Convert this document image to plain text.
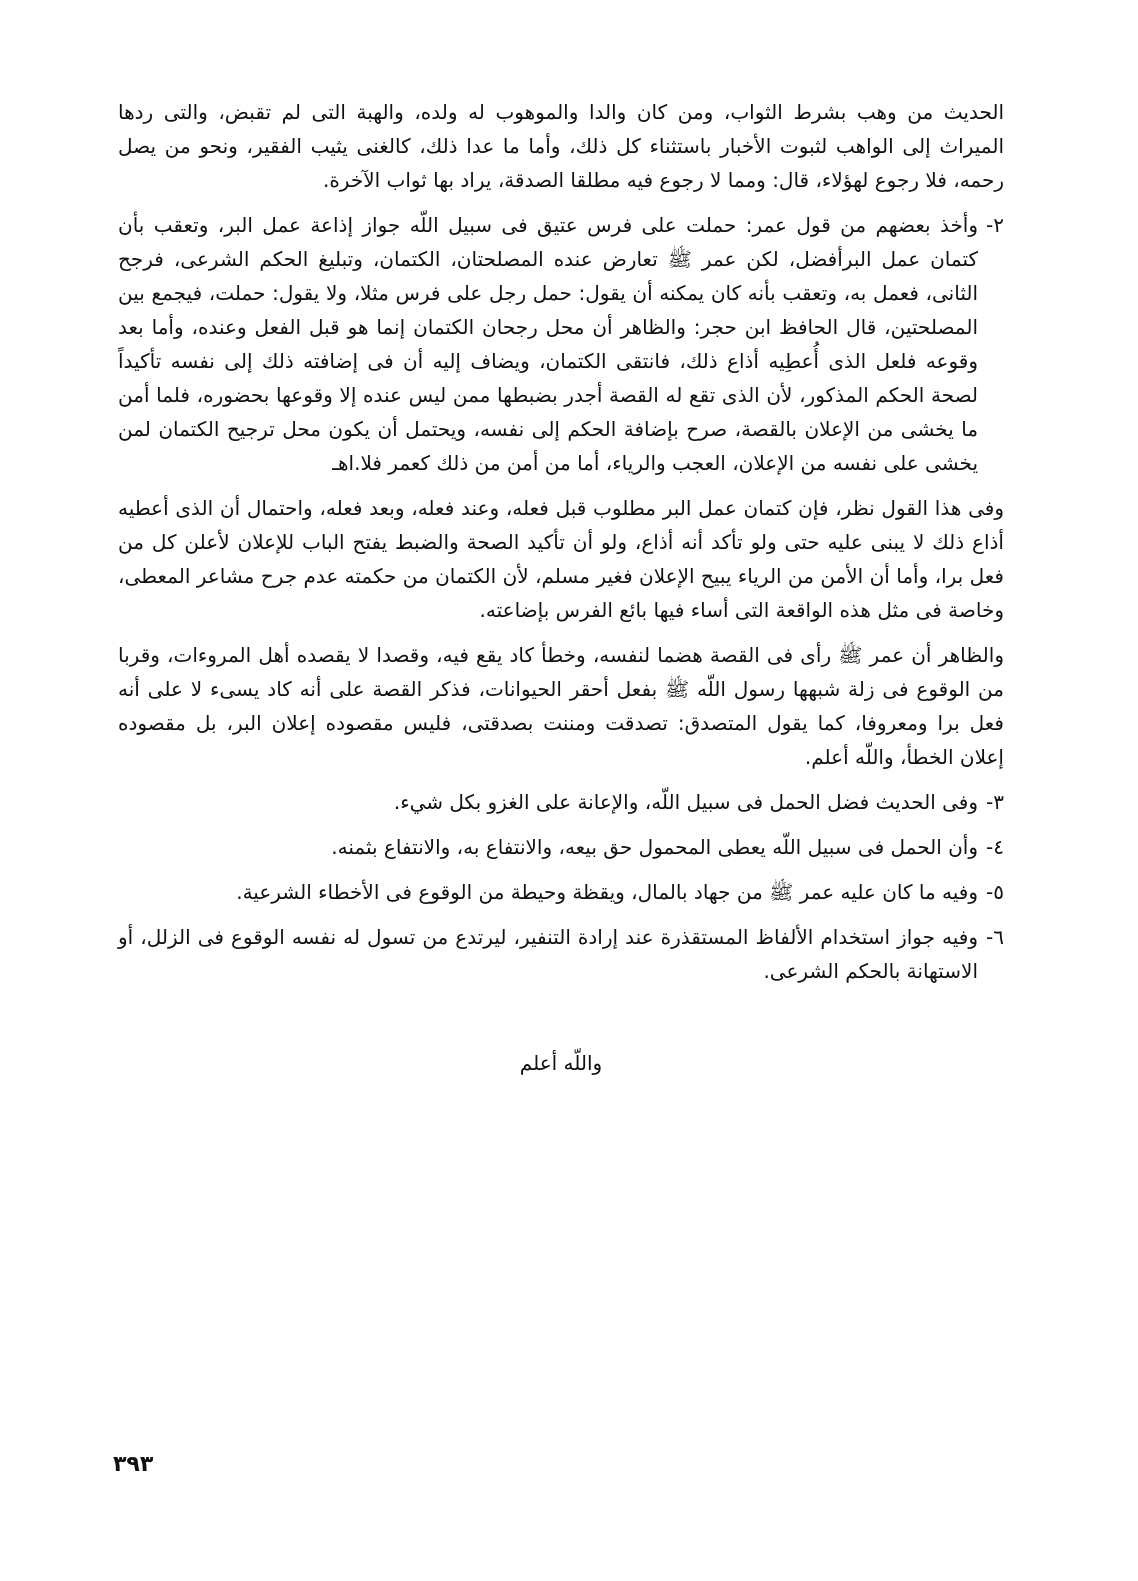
الحديث من وهب بشرط الثواب، ومن كان والدا والموهوب له ولده، والهبة التى لم تقبض، والتى ردها الميراث إلى الواهب لثبوت الأخبار باستثناء كل ذلك، وأما ما عدا ذلك، كالغنى يثيب الفقير، ونحو من يصل رحمه، فلا رجوع لهؤلاء، قال: ومما لا رجوع فيه مطلقا الصدقة، يراد بها ثواب الآخرة.

٢-
وأخذ بعضهم من قول عمر: حملت على فرس عتيق فى سبيل اللّه جواز إذاعة عمل البر، وتعقب بأن كتمان عمل البرأفضل، لكن عمر ﷺ تعارض عنده المصلحتان، الكتمان، وتبليغ الحكم الشرعى، فرجح الثانى، فعمل به، وتعقب بأنه كان يمكنه أن يقول: حمل رجل على فرس مثلا، ولا يقول: حملت، فيجمع بين المصلحتين، قال الحافظ ابن حجر: والظاهر أن محل رجحان الكتمان إنما هو قبل الفعل وعنده، وأما بعد وقوعه فلعل الذى أُعطِيه أذاع ذلك، فانتقى الكتمان، ويضاف إليه أن فى إضافته ذلك إلى نفسه تأكيداً لصحة الحكم المذكور، لأن الذى تقع له القصة أجدر بضبطها ممن ليس عنده إلا وقوعها بحضوره، فلما أمن ما يخشى من الإعلان بالقصة، صرح بإضافة الحكم إلى نفسه، ويحتمل أن يكون محل ترجيح الكتمان لمن يخشى على نفسه من الإعلان، العجب والرياء، أما من أمن من ذلك كعمر فلا.اهـ

وفى هذا القول نظر، فإن كتمان عمل البر مطلوب قبل فعله، وعند فعله، وبعد فعله، واحتمال أن الذى أعطيه أذاع ذلك لا يبنى عليه حتى ولو تأكد أنه أذاع، ولو أن تأكيد الصحة والضبط يفتح الباب للإعلان لأعلن كل من فعل برا، وأما أن الأمن من الرياء يبيح الإعلان فغير مسلم، لأن الكتمان من حكمته عدم جرح مشاعر المعطى، وخاصة فى مثل هذه الواقعة التى أساء فيها بائع الفرس بإضاعته.

والظاهر أن عمر ﷺ رأى فى القصة هضما لنفسه، وخطأ كاد يقع فيه، وقصدا لا يقصده أهل المروءات، وقربا من الوقوع فى زلة شبهها رسول اللّه ﷺ بفعل أحقر الحيوانات، فذكر القصة على أنه كاد يسىء لا على أنه فعل برا ومعروفا، كما يقول المتصدق: تصدقت ومننت بصدقتى، فليس مقصوده إعلان البر، بل مقصوده إعلان الخطأ، واللّه أعلم.

٣-
وفى الحديث فضل الحمل فى سبيل اللّه، والإعانة على الغزو بكل شيء.
٤-
وأن الحمل فى سبيل اللّه يعطى المحمول حق بيعه، والانتفاع به، والانتفاع بثمنه.
٥-
وفيه ما كان عليه عمر ﷺ من جهاد بالمال، ويقظة وحيطة من الوقوع فى الأخطاء الشرعية.
٦-
وفيه جواز استخدام الألفاظ المستقذرة عند إرادة التنفير، ليرتدع من تسول له نفسه الوقوع فى الزلل، أو الاستهانة بالحكم الشرعى.
واللّه أعلم
٣٩٣
